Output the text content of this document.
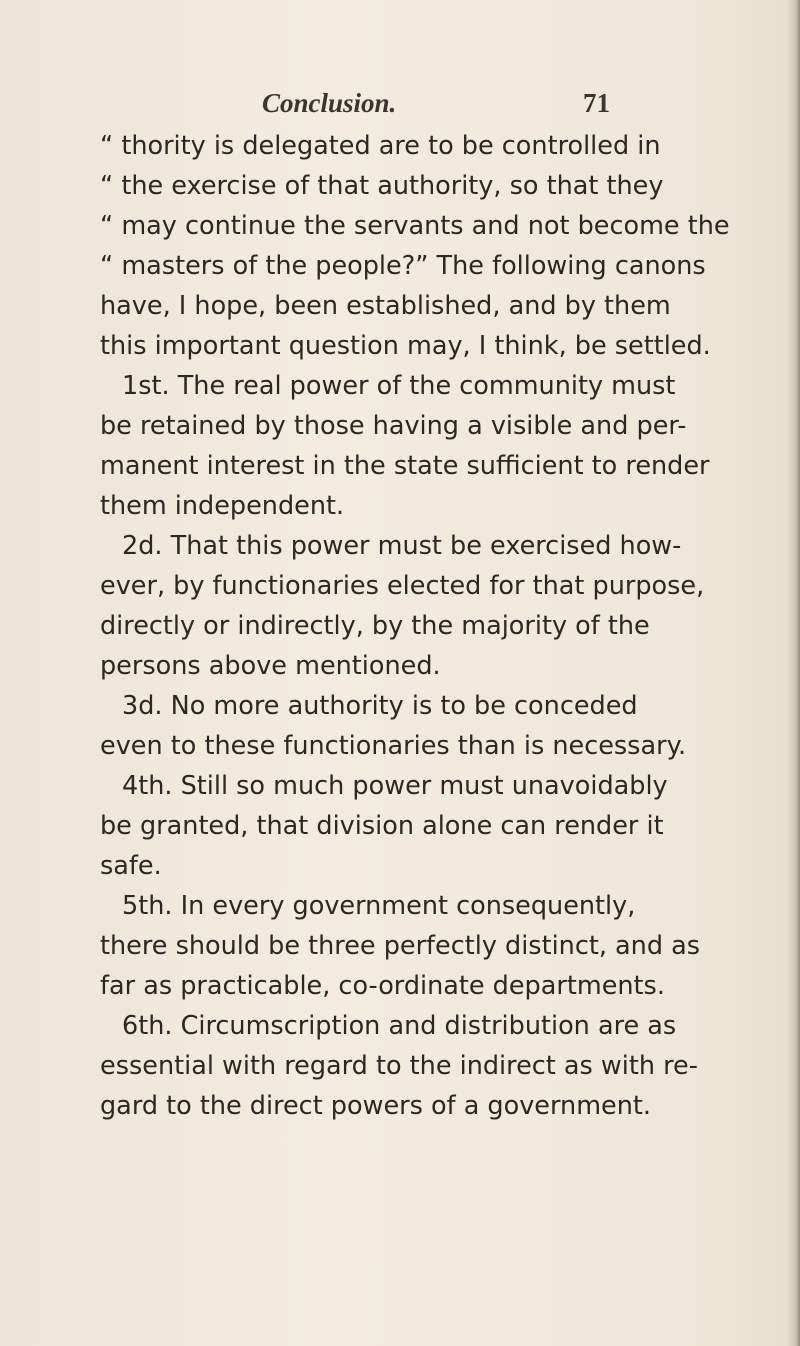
Conclusion.	71
“ thority is delegated are to be controlled in
“ the exercise of that authority, so that they
“ may continue the servants and not become the
“ masters of the people?” The following canons
have, I hope, been established, and by them
this important question may, I think, be settled.
1st. The real power of the community must
be retained by those having a visible and per-
manent interest in the state sufficient to render
them independent.
2d. That this power must be exercised how-
ever, by functionaries elected for that purpose,
directly or indirectly, by the majority of the
persons above mentioned.
3d. No more authority is to be conceded
even to these functionaries than is necessary.
4th. Still so much power must unavoidably
be granted, that division alone can render it
safe.
5th. In every government consequently,
there should be three perfectly distinct, and as
far as practicable, co-ordinate departments.
6th. Circumscription and distribution are as
essential with regard to the indirect as with re-
gard to the direct powers of a government.
